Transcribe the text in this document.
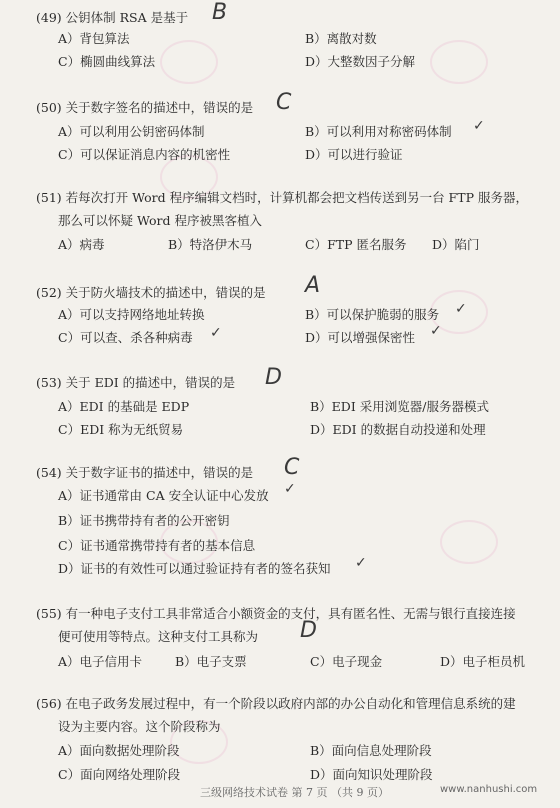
(49) 公钥体制 RSA 是基于 B
A）背包算法	B）离散对数
C）椭圆曲线算法	D）大整数因子分解
(50) 关于数字签名的描述中，错误的是 C
A）可以利用公钥密码体制	B）可以利用对称密码体制 ✓
C）可以保证消息内容的机密性	D）可以进行验证
(51) 若每次打开 Word 程序编辑文档时，计算机都会把文档传送到另一台 FTP 服务器，
那么可以怀疑 Word 程序被黑客植入
A）病毒	B）特洛伊木马	C）FTP 匿名服务 D）陷门
(52) 关于防火墙技术的描述中，错误的是 A
A）可以支持网络地址转换	B）可以保护脆弱的服务 ✓
C）可以查、杀各种病毒 ✓	D）可以增强保密性 ✓
(53) 关于 EDI 的描述中，错误的是 D
A）EDI 的基础是 EDP	B）EDI 采用浏览器/服务器模式
C）EDI 称为无纸贸易	D）EDI 的数据自动投递和处理
(54) 关于数字证书的描述中，错误的是 C
A）证书通常由 CA 安全认证中心发放 ✓
B）证书携带持有者的公开密钥
C）证书通常携带持有者的基本信息
D）证书的有效性可以通过验证持有者的签名获知 ✓
(55) 有一种电子支付工具非常适合小额资金的支付，具有匿名性、无需与银行直接连接
便可使用等特点。这种支付工具称为 D
A）电子信用卡	B）电子支票	C）电子现金	D）电子柜员机
(56) 在电子政务发展过程中，有一个阶段以政府内部的办公自动化和管理信息系统的建
设为主要内容。这个阶段称为
A）面向数据处理阶段	B）面向信息处理阶段
C）面向网络处理阶段	D）面向知识处理阶段
三级网络技术试卷 第 7 页 （共 9 页）	www.nanhushi.com
